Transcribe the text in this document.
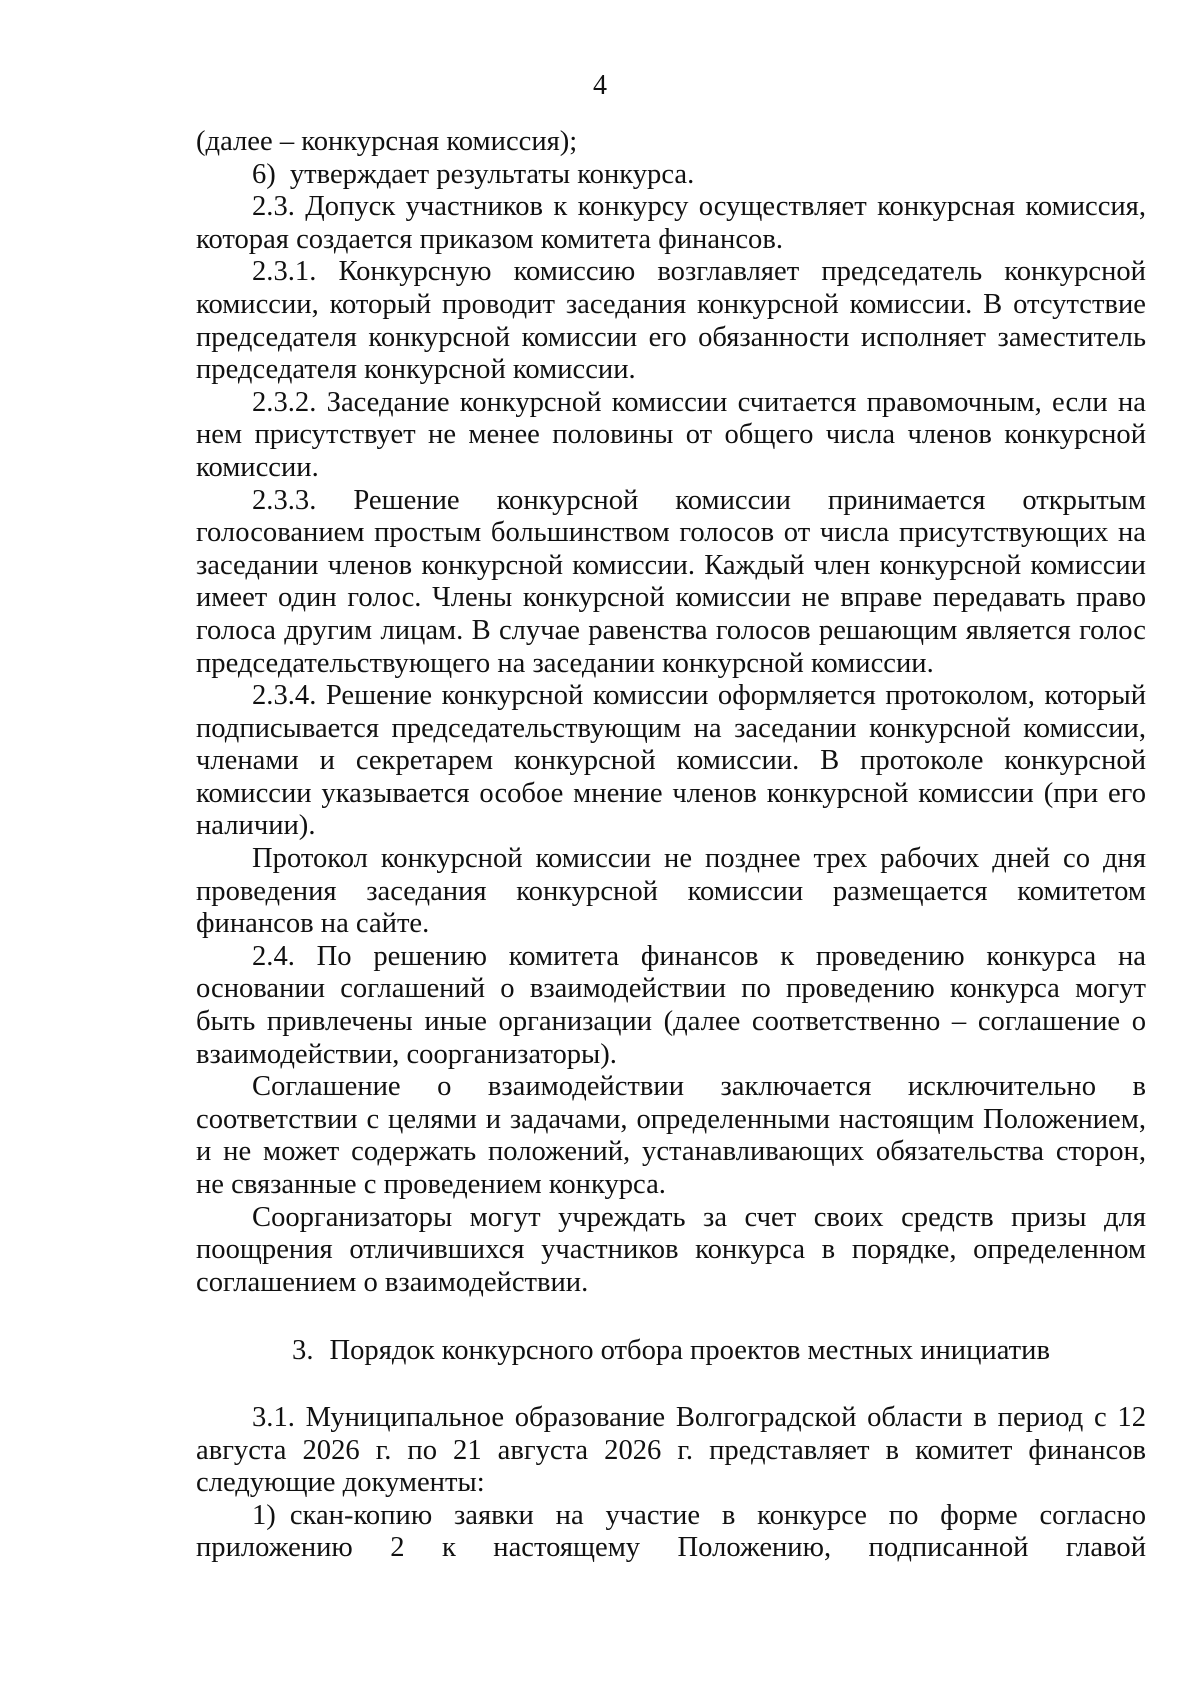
4

(далее – конкурсная комиссия);

6) утверждает результаты конкурса.

2.3. Допуск участников к конкурсу осуществляет конкурсная комиссия, которая создается приказом комитета финансов.

2.3.1. Конкурсную комиссию возглавляет председатель конкурсной комиссии, который проводит заседания конкурсной комиссии. В отсутствие председателя конкурсной комиссии его обязанности исполняет заместитель председателя конкурсной комиссии.

2.3.2. Заседание конкурсной комиссии считается правомочным, если на нем присутствует не менее половины от общего числа членов конкурсной комиссии.

2.3.3. Решение конкурсной комиссии принимается открытым голосованием простым большинством голосов от числа присутствующих на заседании членов конкурсной комиссии. Каждый член конкурсной комиссии имеет один голос. Члены конкурсной комиссии не вправе передавать право голоса другим лицам. В случае равенства голосов решающим является голос председательствующего на заседании конкурсной комиссии.

2.3.4. Решение конкурсной комиссии оформляется протоколом, который подписывается председательствующим на заседании конкурсной комиссии, членами и секретарем конкурсной комиссии. В протоколе конкурсной комиссии указывается особое мнение членов конкурсной комиссии (при его наличии).

Протокол конкурсной комиссии не позднее трех рабочих дней со дня проведения заседания конкурсной комиссии размещается комитетом финансов на сайте.

2.4. По решению комитета финансов к проведению конкурса на основании соглашений о взаимодействии по проведению конкурса могут быть привлечены иные организации (далее соответственно – соглашение о взаимодействии, соорганизаторы).

Соглашение о взаимодействии заключается исключительно в соответствии с целями и задачами, определенными настоящим Положением, и не может содержать положений, устанавливающих обязательства сторон, не связанные с проведением конкурса.

Соорганизаторы могут учреждать за счет своих средств призы для поощрения отличившихся участников конкурса в порядке, определенном соглашением о взаимодействии.

3. Порядок конкурсного отбора проектов местных инициатив

3.1. Муниципальное образование Волгоградской области в период с 12 августа 2026 г. по 21 августа 2026 г. представляет в комитет финансов следующие документы:

1) скан-копию заявки на участие в конкурсе по форме согласно приложению 2 к настоящему Положению, подписанной главой
